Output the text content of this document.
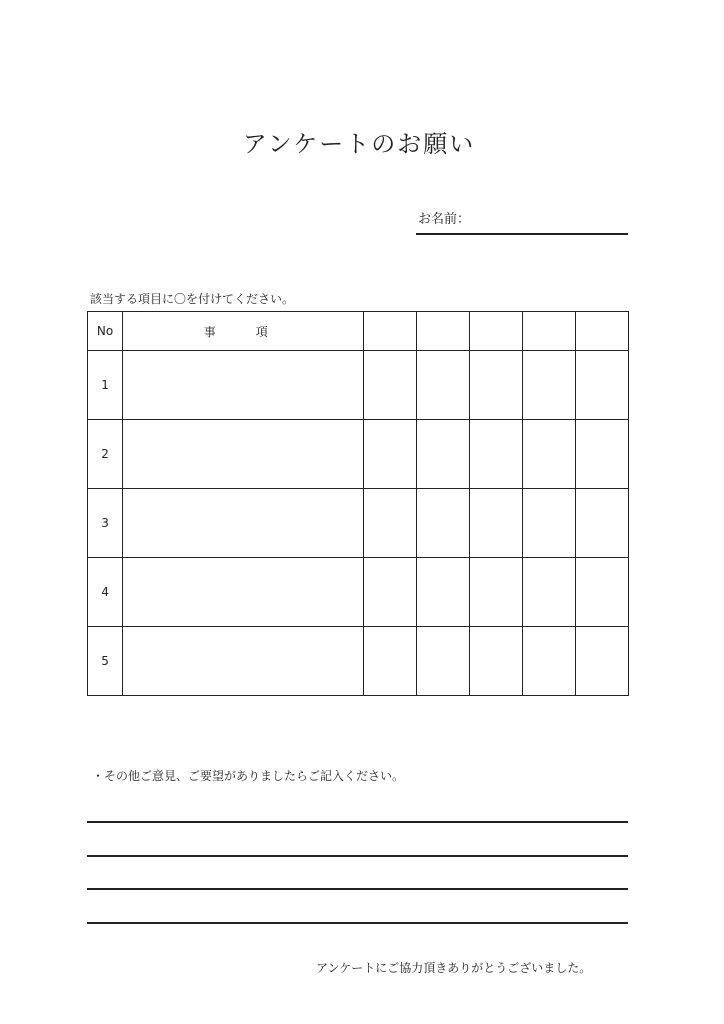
アンケートのお願い
お名前：
該当する項目に〇を付けてください。
No	事　項					
1						
2						
3						
4						
5						
・その他ご意見、ご要望がありましたらご記入ください。
アンケートにご協力頂きありがとうございました。
